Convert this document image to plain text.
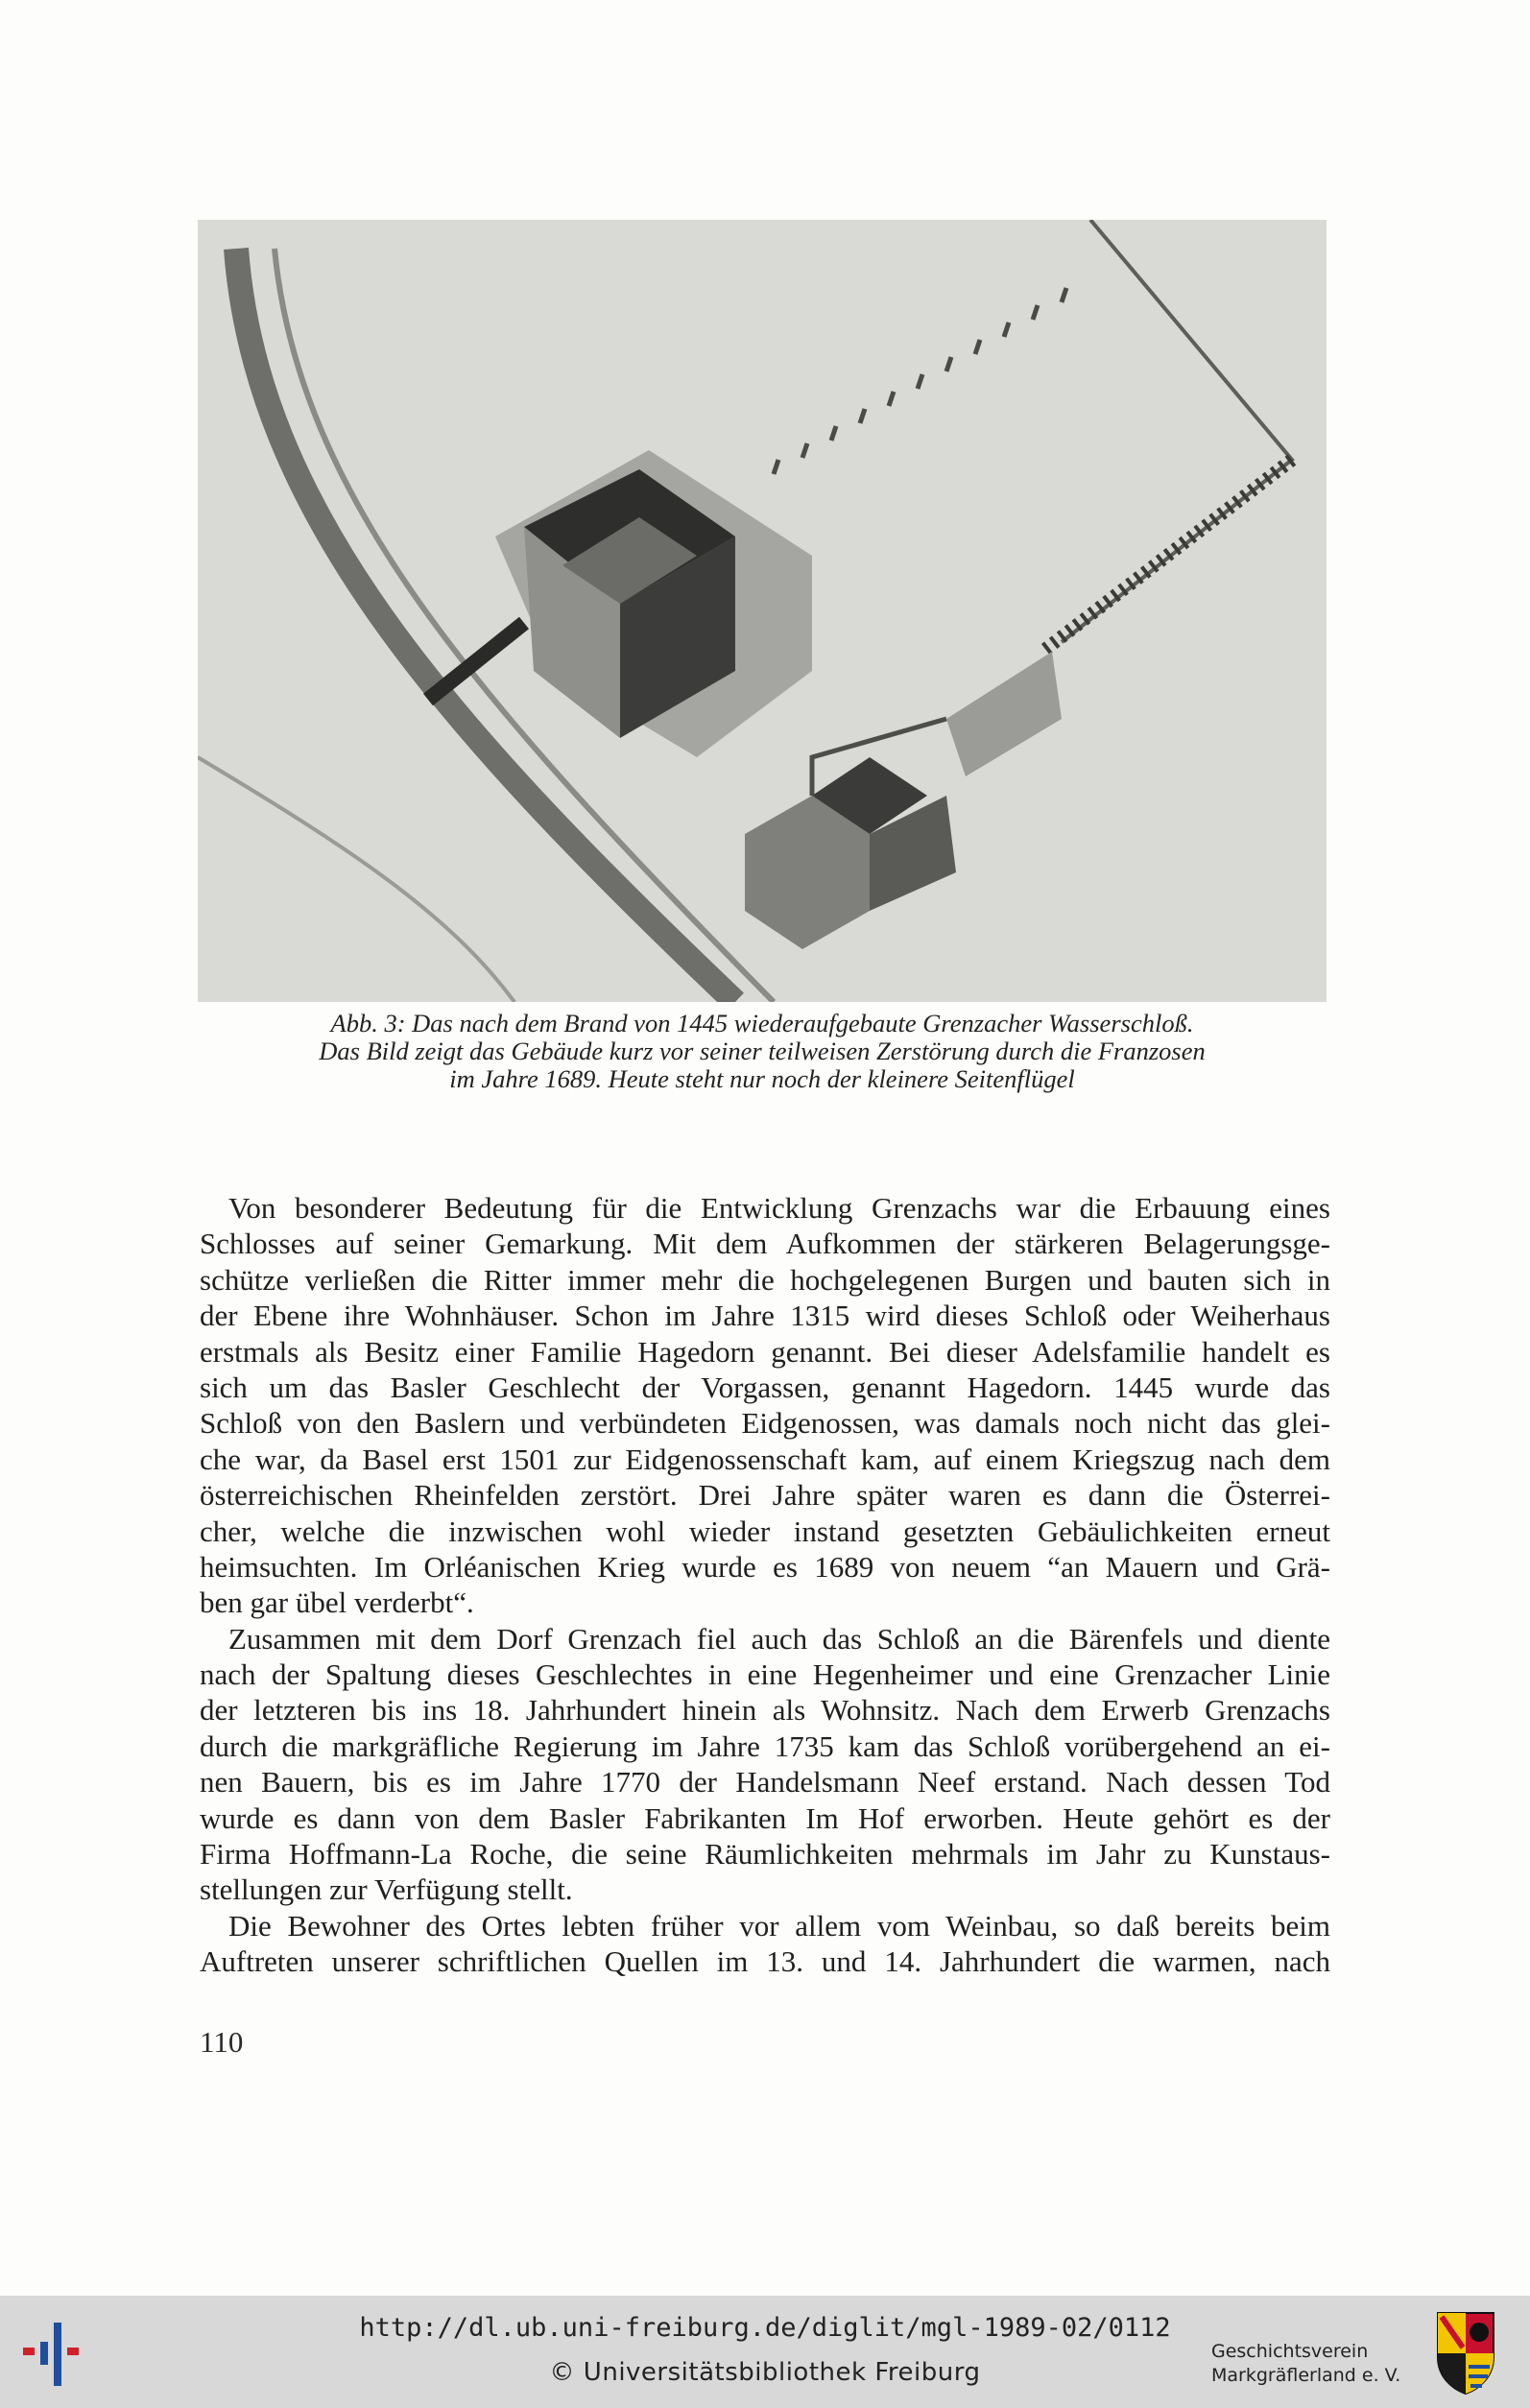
Abb. 3: Das nach dem Brand von 1445 wiederaufgebaute Grenzacher Wasserschloß.
Das Bild zeigt das Gebäude kurz vor seiner teilweisen Zerstörung durch die Franzosen
im Jahre 1689. Heute steht nur noch der kleinere Seitenflügel
Von besonderer Bedeutung für die Entwicklung Grenzachs war die Erbauung eines
Schlosses auf seiner Gemarkung. Mit dem Aufkommen der stärkeren Belagerungsge-
schütze verließen die Ritter immer mehr die hochgelegenen Burgen und bauten sich in
der Ebene ihre Wohnhäuser. Schon im Jahre 1315 wird dieses Schloß oder Weiherhaus
erstmals als Besitz einer Familie Hagedorn genannt. Bei dieser Adelsfamilie handelt es
sich um das Basler Geschlecht der Vorgassen, genannt Hagedorn. 1445 wurde das
Schloß von den Baslern und verbündeten Eidgenossen, was damals noch nicht das glei-
che war, da Basel erst 1501 zur Eidgenossenschaft kam, auf einem Kriegszug nach dem
österreichischen Rheinfelden zerstört. Drei Jahre später waren es dann die Österrei-
cher, welche die inzwischen wohl wieder instand gesetzten Gebäulichkeiten erneut
heimsuchten. Im Orléanischen Krieg wurde es 1689 von neuem “an Mauern und Grä-
ben gar übel verderbt“.
Zusammen mit dem Dorf Grenzach fiel auch das Schloß an die Bärenfels und diente
nach der Spaltung dieses Geschlechtes in eine Hegenheimer und eine Grenzacher Linie
der letzteren bis ins 18. Jahrhundert hinein als Wohnsitz. Nach dem Erwerb Grenzachs
durch die markgräfliche Regierung im Jahre 1735 kam das Schloß vorübergehend an ei-
nen Bauern, bis es im Jahre 1770 der Handelsmann Neef erstand. Nach dessen Tod
wurde es dann von dem Basler Fabrikanten Im Hof erworben. Heute gehört es der
Firma Hoffmann-La Roche, die seine Räumlichkeiten mehrmals im Jahr zu Kunstaus-
stellungen zur Verfügung stellt.
Die Bewohner des Ortes lebten früher vor allem vom Weinbau, so daß bereits beim
Auftreten unserer schriftlichen Quellen im 13. und 14. Jahrhundert die warmen, nach
110
http://dl.ub.uni-freiburg.de/diglit/mgl-1989-02/0112
© Universitätsbibliothek Freiburg
Geschichtsverein
Markgräflerland e. V.
